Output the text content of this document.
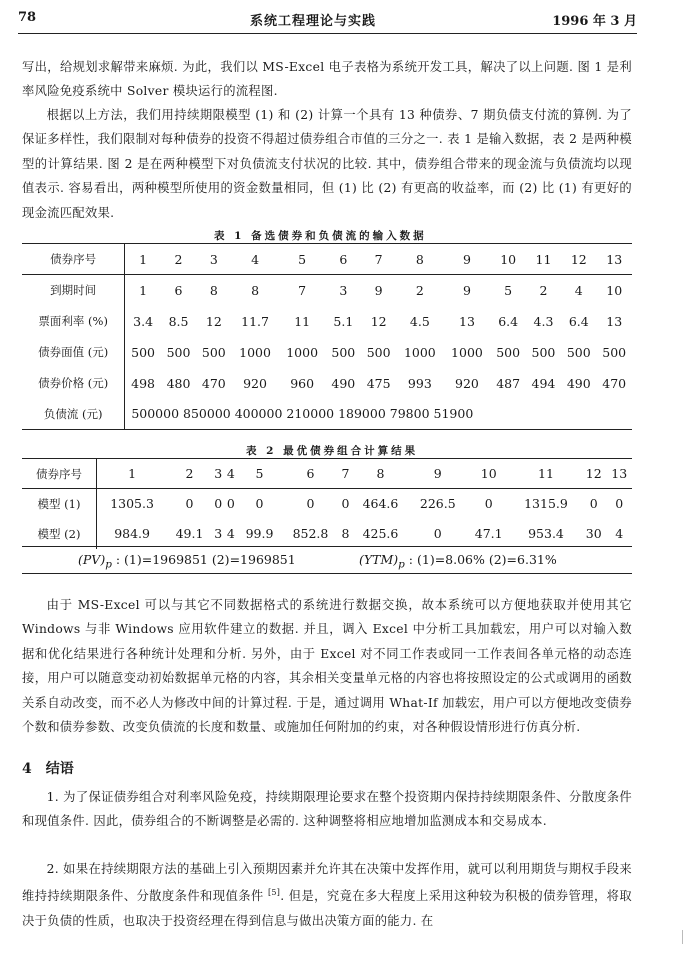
78	系统工程理论与实践	1996 年 3 月

写出，给规划求解带来麻烦. 为此，我们以 MS-Excel 电子表格为系统开发工具，解决了以上问题. 图 1 是利率风险免疫系统中 Solver 模块运行的流程图.

根据以上方法，我们用持续期限模型 (1) 和 (2) 计算一个具有 13 种债券、7 期负债支付流的算例. 为了保证多样性，我们限制对每种债券的投资不得超过债券组合市值的三分之一. 表 1 是输入数据，表 2 是两种模型的计算结果. 图 2 是在两种模型下对负债流支付状况的比较. 其中，债券组合带来的现金流与负债流均以现值表示. 容易看出，两种模型所使用的资金数量相同，但 (1) 比 (2) 有更高的收益率，而 (2) 比 (1) 有更好的现金流匹配效果.

表 1 备选债券和负债流的输入数据
债券序号	1	2	3	4	5	6	7	8	9	10	11	12	13
到期时间	1	6	8	8	7	3	9	2	9	5	2	4	10
票面利率 (%)	3.4	8.5	12	11.7	11	5.1	12	4.5	13	6.4	4.3	6.4	13
债券面值 (元)	500	500	500	1000	1000	500	500	1000	1000	500	500	500	500
债券价格 (元)	498	480	470	920	960	490	475	993	920	487	494	490	470
负债流 (元)	500000 850000 400000 210000 189000 79800 51900												
表 2 最优债券组合计算结果
债券序号	1	2	3	4	5	6	7	8	9	10	11	12	13
模型 (1)	1305.3	0	0	0	0	0	0	464.6	226.5	0	1315.9	0	0
模型 (2)	984.9	49.1	3	4	99.9	852.8	8	425.6	0	47.1	953.4	30	4
$(PV)_p$ : (1)=1969851 (2)=1969851	$(YTM)_p$ : (1)=8.06% (2)=6.31%

由于 MS-Excel 可以与其它不同数据格式的系统进行数据交换，故本系统可以方便地获取并使用其它 Windows 与非 Windows 应用软件建立的数据. 并且，调入 Excel 中分析工具加载宏，用户可以对输入数据和优化结果进行各种统计处理和分析. 另外，由于 Excel 对不同工作表或同一工作表间各单元格的动态连接，用户可以随意变动初始数据单元格的内容，其余相关变量单元格的内容也将按照设定的公式或调用的函数关系自动改变，而不必人为修改中间的计算过程. 于是，通过调用 What-If 加载宏，用户可以方便地改变债券个数和债券参数、改变负债流的长度和数量、或施加任何附加的约束，对各种假设情形进行仿真分析.

4 结语

1. 为了保证债券组合对利率风险免疫，持续期限理论要求在整个投资期内保持持续期限条件、分散度条件和现值条件. 因此，债券组合的不断调整是必需的. 这种调整将相应地增加监测成本和交易成本.

2. 如果在持续期限方法的基础上引入预期因素并允许其在决策中发挥作用，就可以利用期货与期权手段来维持持续期限条件、分散度条件和现值条件 [5]. 但是，究竟在多大程度上采用这种较为积极的债券管理，将取决于负债的性质，也取决于投资经理在得到信息与做出决策方面的能力. 在
